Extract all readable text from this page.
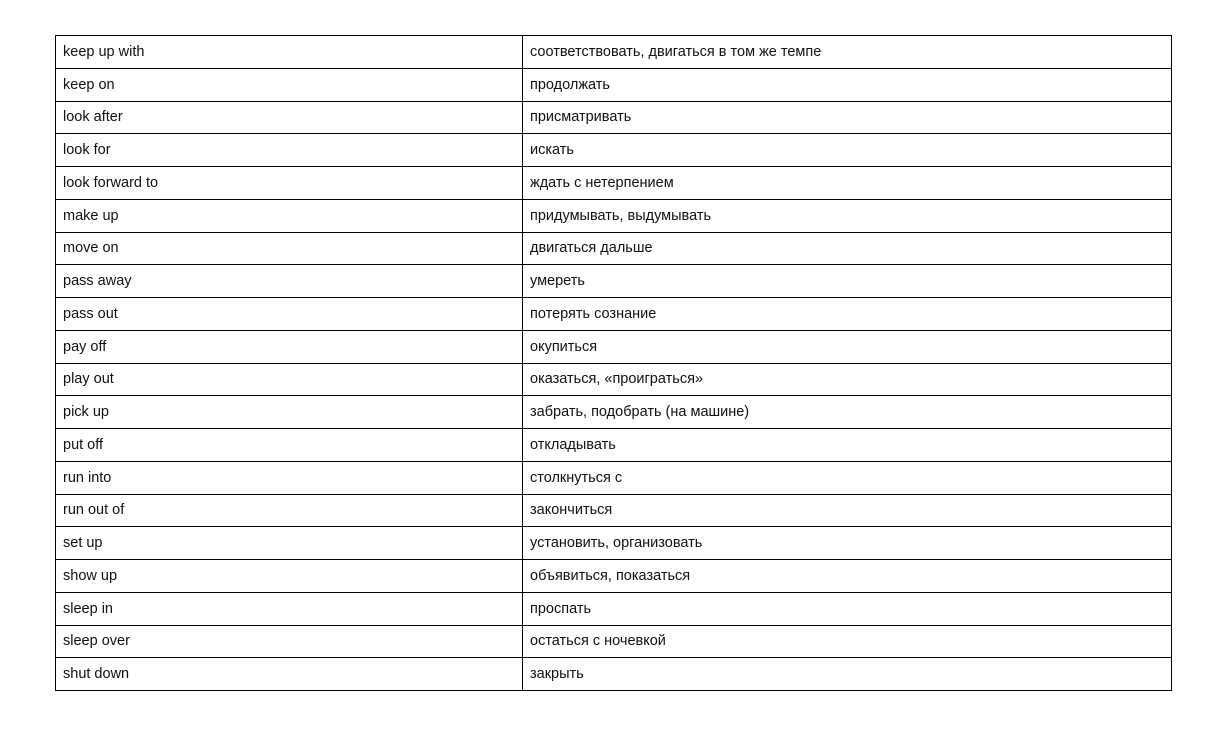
keep up with	соответствовать, двигаться в том же темпе
keep on	продолжать
look after	присматривать
look for	искать
look forward to	ждать с нетерпением
make up	придумывать, выдумывать
move on	двигаться дальше
pass away	умереть
pass out	потерять сознание
pay off	окупиться
play out	оказаться, «проиграться»
pick up	забрать, подобрать (на машине)
put off	откладывать
run into	столкнуться с
run out of	закончиться
set up	установить, организовать
show up	объявиться, показаться
sleep in	проспать
sleep over	остаться с ночевкой
shut down	закрыть
